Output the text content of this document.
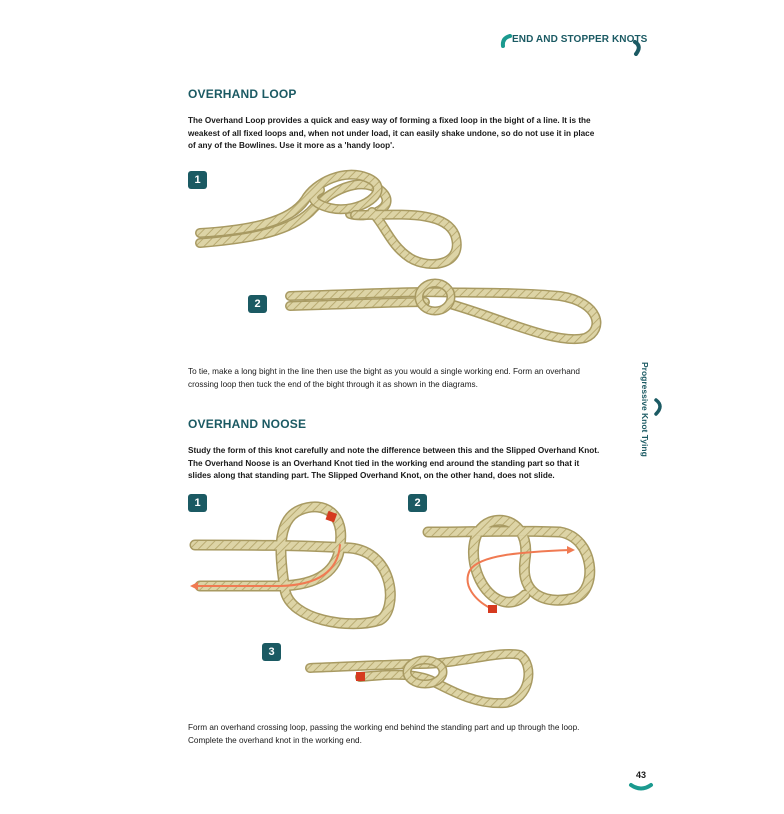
END AND STOPPER KNOTS
OVERHAND LOOP

The Overhand Loop provides a quick and easy way of forming a fixed loop in the bight of a line. It is the weakest of all fixed loops and, when not under load, it can easily shake undone, so do not use it in place of any of the Bowlines. Use it more as a 'handy loop'.

1
2

To tie, make a long bight in the line then use the bight as you would a single working end. Form an overhand crossing loop then tuck the end of the bight through it as shown in the diagrams.

OVERHAND NOOSE

Study the form of this knot carefully and note the difference between this and the Slipped Overhand Knot. The Overhand Noose is an Overhand Knot tied in the working end around the standing part so that it slides along that standing part. The Slipped Overhand Knot, on the other hand, does not slide.

1	2
3

Form an overhand crossing loop, passing the working end behind the standing part and up through the loop. Complete the overhand knot in the working end.

Progressive Knot Tying
43
